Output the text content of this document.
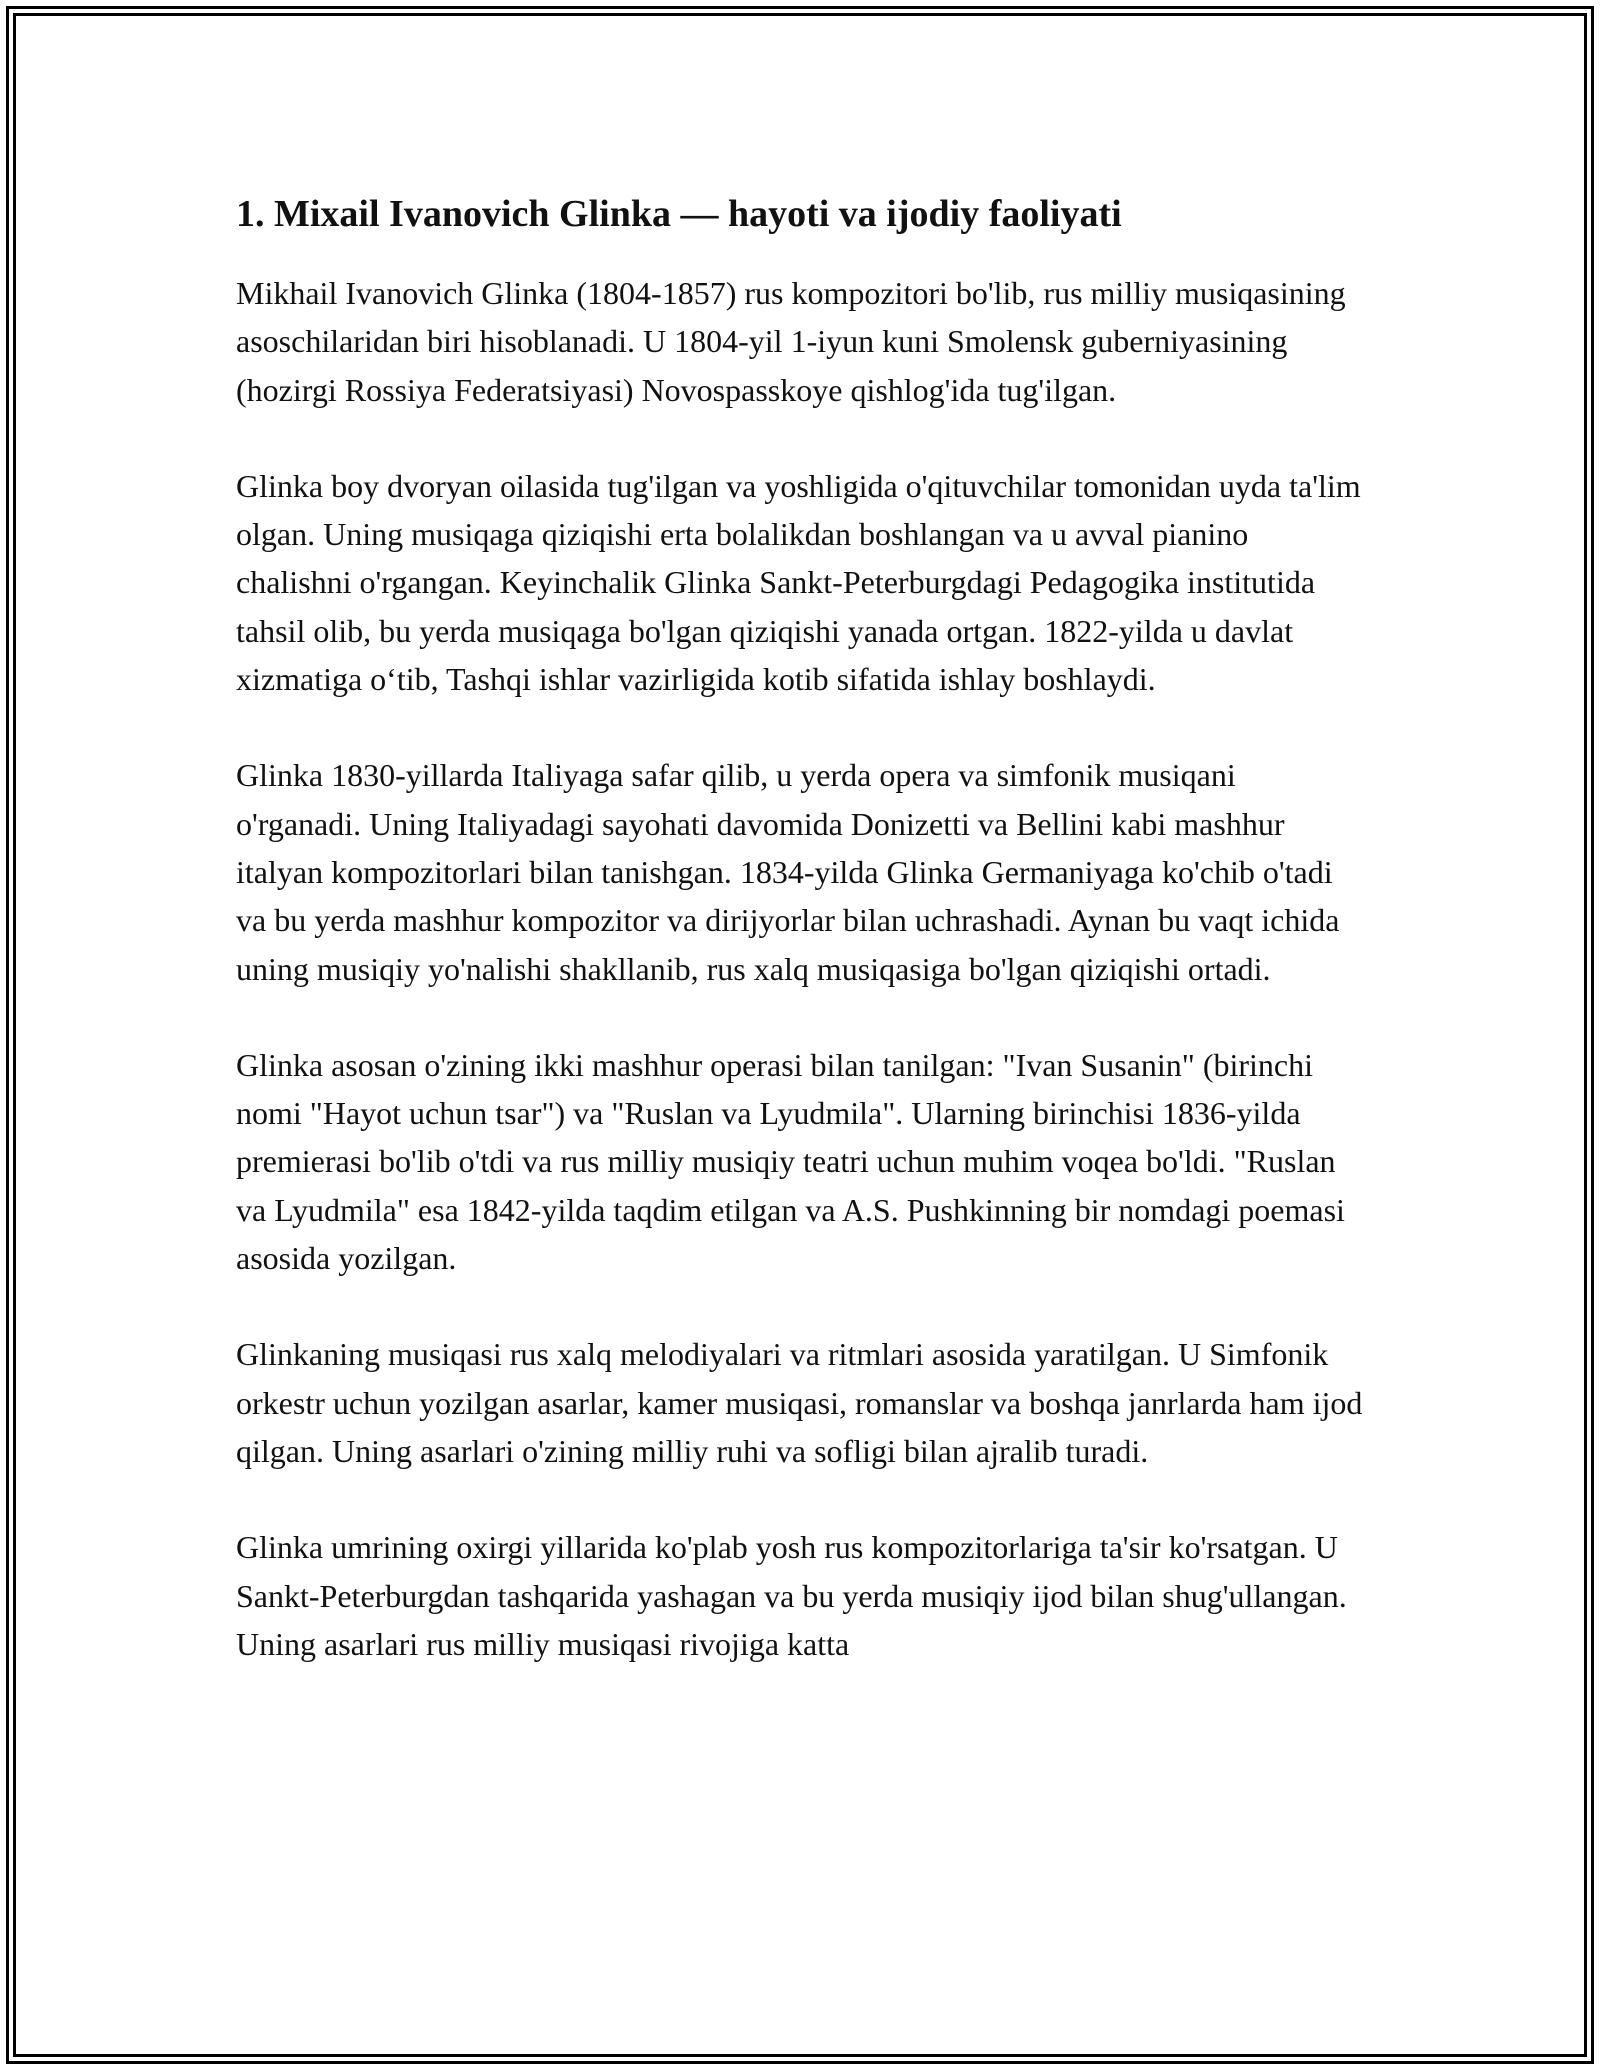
1. Mixail Ivanovich Glinka — hayoti va ijodiy faoliyati

Mikhail Ivanovich Glinka (1804-1857) rus kompozitori bo'lib, rus milliy musiqasining asoschilaridan biri hisoblanadi. U 1804-yil 1-iyun kuni Smolensk guberniyasining (hozirgi Rossiya Federatsiyasi) Novospasskoye qishlog'ida tug'ilgan.

Glinka boy dvoryan oilasida tug'ilgan va yoshligida o'qituvchilar tomonidan uyda ta'lim olgan. Uning musiqaga qiziqishi erta bolalikdan boshlangan va u avval pianino chalishni o'rgangan. Keyinchalik Glinka Sankt-Peterburgdagi Pedagogika institutida tahsil olib, bu yerda musiqaga bo'lgan qiziqishi yanada ortgan. 1822-yilda u davlat xizmatiga o‘tib, Tashqi ishlar vazirligida kotib sifatida ishlay boshlaydi.

Glinka 1830-yillarda Italiyaga safar qilib, u yerda opera va simfonik musiqani o'rganadi. Uning Italiyadagi sayohati davomida Donizetti va Bellini kabi mashhur italyan kompozitorlari bilan tanishgan. 1834-yilda Glinka Germaniyaga ko'chib o'tadi va bu yerda mashhur kompozitor va dirijyorlar bilan uchrashadi. Aynan bu vaqt ichida uning musiqiy yo'nalishi shakllanib, rus xalq musiqasiga bo'lgan qiziqishi ortadi.

Glinka asosan o'zining ikki mashhur operasi bilan tanilgan: "Ivan Susanin" (birinchi nomi "Hayot uchun tsar") va "Ruslan va Lyudmila". Ularning birinchisi 1836-yilda premierasi bo'lib o'tdi va rus milliy musiqiy teatri uchun muhim voqea bo'ldi. "Ruslan va Lyudmila" esa 1842-yilda taqdim etilgan va A.S. Pushkinning bir nomdagi poemasi asosida yozilgan.

Glinkaning musiqasi rus xalq melodiyalari va ritmlari asosida yaratilgan. U Simfonik orkestr uchun yozilgan asarlar, kamer musiqasi, romanslar va boshqa janrlarda ham ijod qilgan. Uning asarlari o'zining milliy ruhi va sofligi bilan ajralib turadi.

Glinka umrining oxirgi yillarida ko'plab yosh rus kompozitorlariga ta'sir ko'rsatgan. U Sankt-Peterburgdan tashqarida yashagan va bu yerda musiqiy ijod bilan shug'ullangan. Uning asarlari rus milliy musiqasi rivojiga katta
